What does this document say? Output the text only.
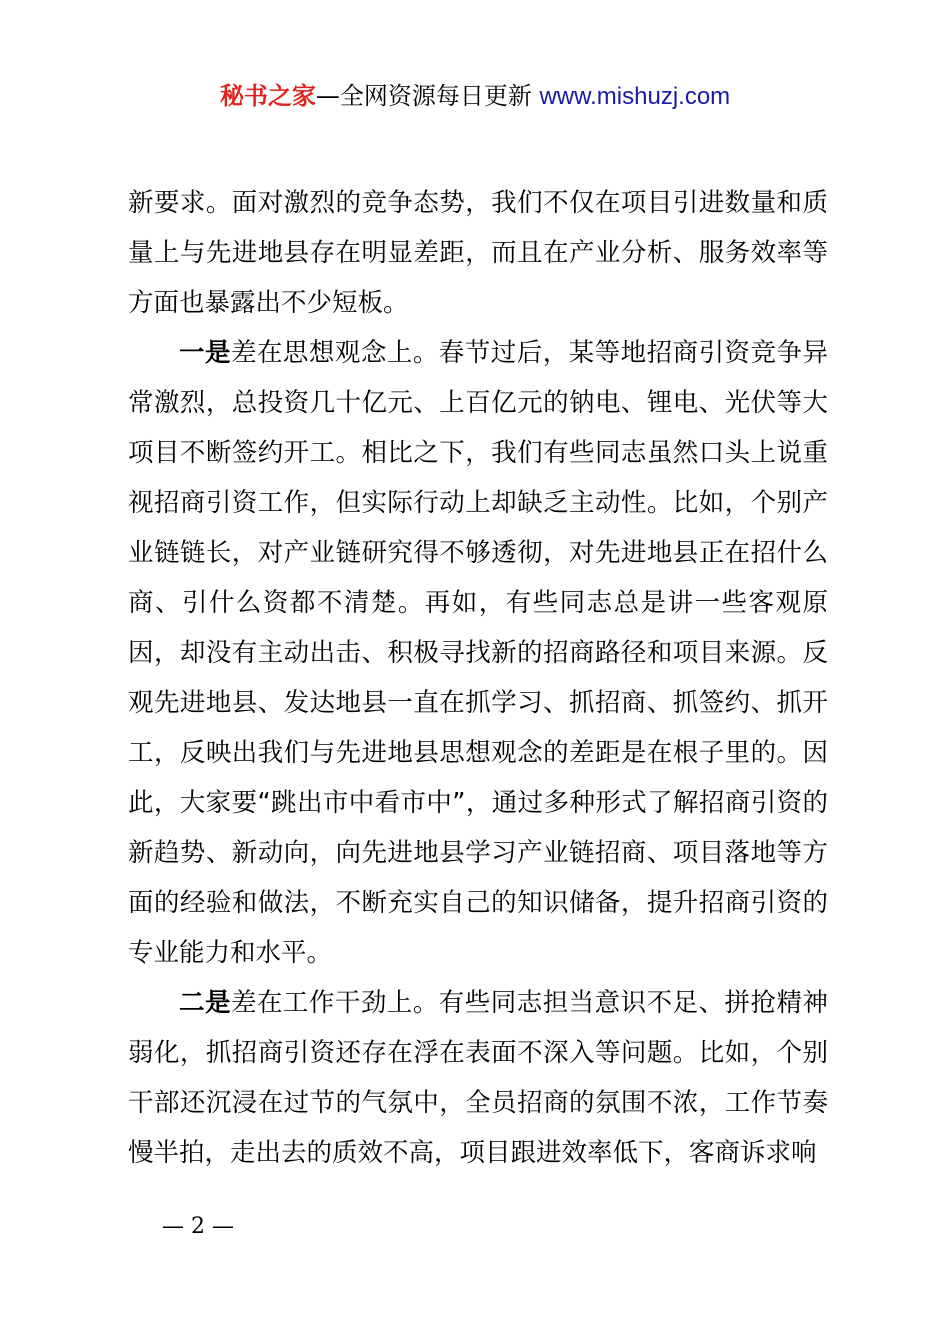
秘书之家—全网资源每日更新 www.mishuzj.com

新要求。面对激烈的竞争态势，我们不仅在项目引进数量和质量上与先进地县存在明显差距，而且在产业分析、服务效率等方面也暴露出不少短板。

一是差在思想观念上。春节过后，某等地招商引资竞争异常激烈，总投资几十亿元、上百亿元的钠电、锂电、光伏等大项目不断签约开工。相比之下，我们有些同志虽然口头上说重视招商引资工作，但实际行动上却缺乏主动性。比如，个别产业链链长，对产业链研究得不够透彻，对先进地县正在招什么商、引什么资都不清楚。再如，有些同志总是讲一些客观原因，却没有主动出击、积极寻找新的招商路径和项目来源。反观先进地县、发达地县一直在抓学习、抓招商、抓签约、抓开工，反映出我们与先进地县思想观念的差距是在根子里的。因此，大家要“跳出市中看市中”，通过多种形式了解招商引资的新趋势、新动向，向先进地县学习产业链招商、项目落地等方面的经验和做法，不断充实自己的知识储备，提升招商引资的专业能力和水平。

二是差在工作干劲上。有些同志担当意识不足、拼抢精神弱化，抓招商引资还存在浮在表面不深入等问题。比如，个别干部还沉浸在过节的气氛中，全员招商的氛围不浓，工作节奏慢半拍，走出去的质效不高，项目跟进效率低下，客商诉求响

— 2 —
